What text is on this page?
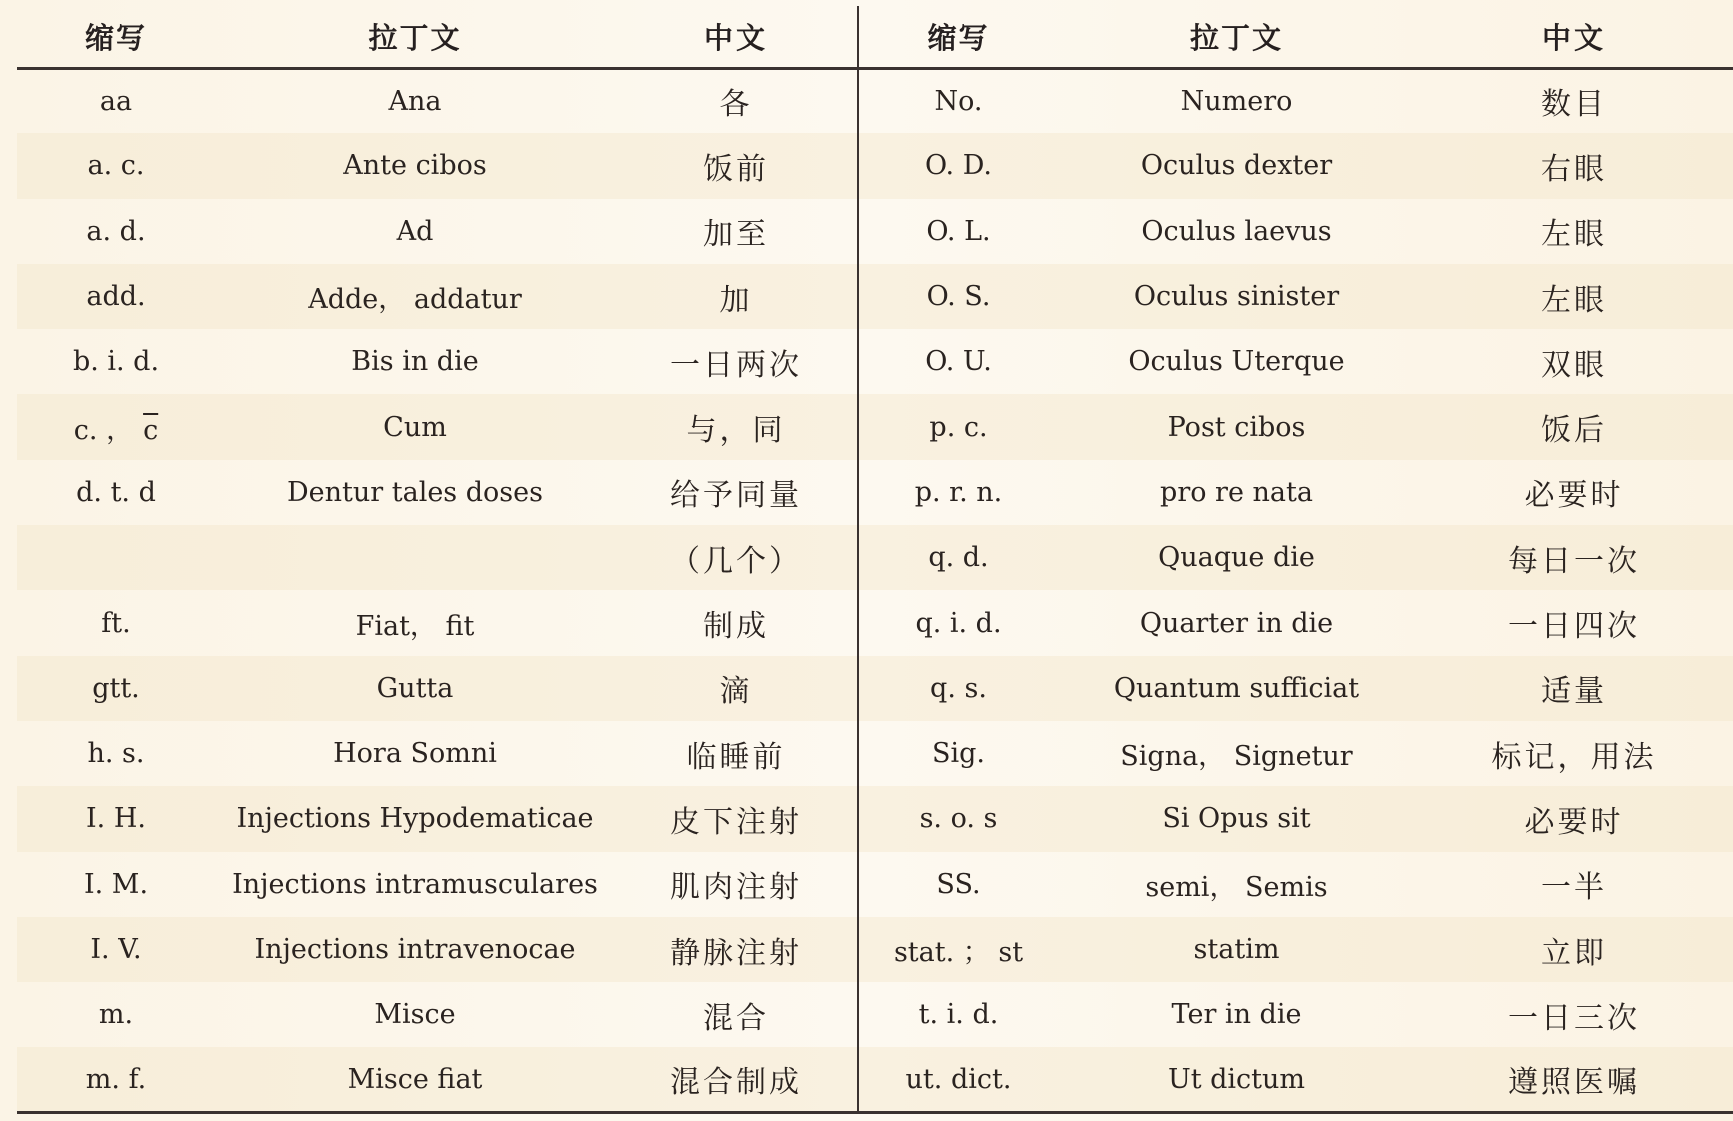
缩写	拉丁文	中文	缩写	拉丁文	中文
aa	Ana	各	No.	Numero	数目
a. c.	Ante cibos	饭前	O. D.	Oculus dexter	右眼
a. d.	Ad	加至	O. L.	Oculus laevus	左眼
add.	Adde， addatur	加	O. S.	Oculus sinister	左眼
b. i. d.	Bis in die	一日两次	O. U.	Oculus Uterque	双眼
c. ， $\overline{c}$	Cum	与，同	p. c.	Post cibos	饭后
d. t. d	Dentur tales doses	给予同量	p. r. n.	pro re nata	必要时
		（几个）	q. d.	Quaque die	每日一次
ft.	Fiat， fit	制成	q. i. d.	Quarter in die	一日四次
gtt.	Gutta	滴	q. s.	Quantum sufficiat	适量
h. s.	Hora Somni	临睡前	Sig.	Signa， Signetur	标记，用法
I. H.	Injections Hypodematicae	皮下注射	s. o. s	Si Opus sit	必要时
I. M.	Injections intramusculares	肌肉注射	SS.	semi， Semis	一半
I. V.	Injections intravenocae	静脉注射	stat. ； st	statim	立即
m.	Misce	混合	t. i. d.	Ter in die	一日三次
m. f.	Misce fiat	混合制成	ut. dict.	Ut dictum	遵照医嘱
